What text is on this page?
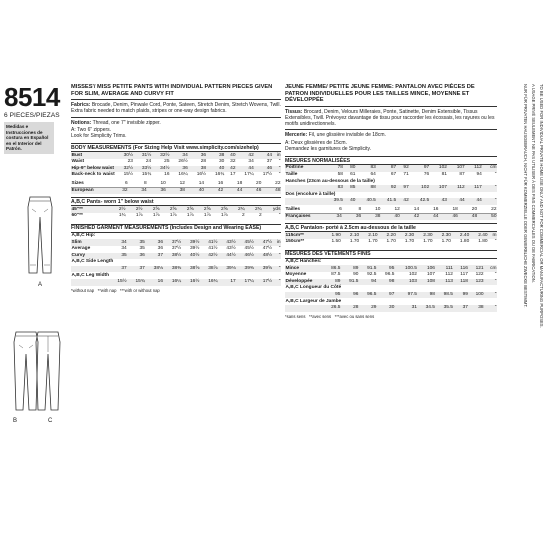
8514
6 PIECES/PIEZAS
Medidas e Instrucciones de costura en Español en el Interior del Patrón.
A
B	C
MISSES'/ MISS PETITE PANTS WITH INDIVIDUAL PATTERN PIECES GIVEN FOR SLIM, AVERAGE AND CURVY FIT
Fabrics: Brocade, Denim, Pinwale Cord, Ponte, Sateen, Stretch Denim, Stretch Wovens, Twill. Extra fabric needed to match plaids, stripes or one-way design fabrics.
Notions: Thread, one 7" invisible zipper.
A: Two 6" zippers.
Look for Simplicity Trims.
BODY MEASUREMENTS (For Sizing Help Visit www.simplicity.com/sizehelp)
Bust	30½	31½	32½	34	36	38	40	42	44	in
Waist	23	24	25	26½	28	30	32	34	37	"
Hip-9" below waist	32½	33½	34½	36	38	40	42	44	46	"
Back-neck to waist	15½	15¾	16	16¼	16½	16¾	17	17¼	17½	"
Sizes	6	8	10	12	14	16	18	20	22
European	32	34	36	38	40	42	44	46	48
A,B,C Pants- worn 1" below waist
45"**	2½	2½	2⅝	2⅝	2⅝	2⅝	2⅝	2¾	2¾	yds
60"**	1¾	1⅞	1⅞	1⅞	1⅞	1⅞	1⅞	2	2	"
FINISHED GARMENT MEASUREMENTS (Includes Design and Wearing EASE)
A,B,C Hip:										
Slim	34	35	36	37½	39½	41½	43½	45½	47½	in
Average	34	35	36	37½	39½	41½	43½	45½	47½	"
Curvy	35	36	37	38½	40½	42½	44½	46½	48½	"
A,B,C Side Length										
	37	37	38⅛	38⅜	38⅝	38⅞	39⅛	39⅜	39⅝	"
A,B,C Leg Width										
	15½	15¾	16	16¼	16½	16¾	17	17¼	17½	"
*without nap **with nap ***with or without nap
JEUNE FEMME/ PETITE JEUNE FEMME: PANTALON AVEC PIÈCES DE PATRON INDIVIDUELLES POUR LES TAILLES MINCE, MOYENNE ET DÉVELOPPÉE
Tissus: Brocard, Denim, Velours Milleraies, Ponte, Satinette, Denim Extensible, Tissus Extensibles, Twill. Prévoyez davantage de tissu pour raccorder les écossais, les rayures ou les motifs unidirectionnels.
Mercerie: Fil, une glissière invisible de 18cm.
A: Deux glissières de 15cm.
Demandez les garnitures de Simplicity.
MESURES NORMALISÉES
Poitrine	78	80	83	87	92	97	102	107	112	cm
Taille	58	61	64	67	71	76	81	87	94	"
Hanches (23cm au-dessous de la taille)										
	83	85	88	92	97	102	107	112	117	"
Dos (encolure à taille)										
	39.5	40	40.5	41.5	42	42.5	43	44	44	"
Tailles	6	8	10	12	14	16	18	20	22
Françaises	34	36	38	40	42	44	46	48	50
A,B,C Pantalon- porté à 2.5cm au-dessous de la taille
115cm**	1.90	2.10	2.10	2.20	2.30	2.30	2.30	2.40	2.40	m
150cm**	1.50	1.70	1.70	1.70	1.70	1.70	1.70	1.80	1.80	"
MESURES DES VÊTEMENTS FINIS
A,B,C Hanches:										
Mince	86.5	89	91.5	95	100.5	106	111	116	121	cm
Moyenne	87.5	90	92.5	96.5	102	107	112	117	122	"
Développée	89	91.5	94	98	103	108	113	118	123	"
A,B,C Longueur du Côté										
	95	96	96.5	97	97.5	98	98.5	99	100	"
A,B,C Largeur de Jambe										
	26.5	28	29	30	31	34.5	35.5	37	38	"
*sans sens **avec sens ***avec ou sans sens	TO BE USED FOR INDIVIDUAL PRIVATE HOME USE ONLY AND NOT FOR COMMERCIAL OR MANUFACTURING PURPOSES.
A USAGE PRIVÉ SEULEMENT NE PAS UTILISER À DES FINS COMMERCIALES OU DE FABRICATION.
NUR FÜR PRIVATEN HAUSGEBRAUCH, NICHT FÜR KOMMERZIELLE ODER GEWERBLICHE ZWECKE BESTIMMT.
